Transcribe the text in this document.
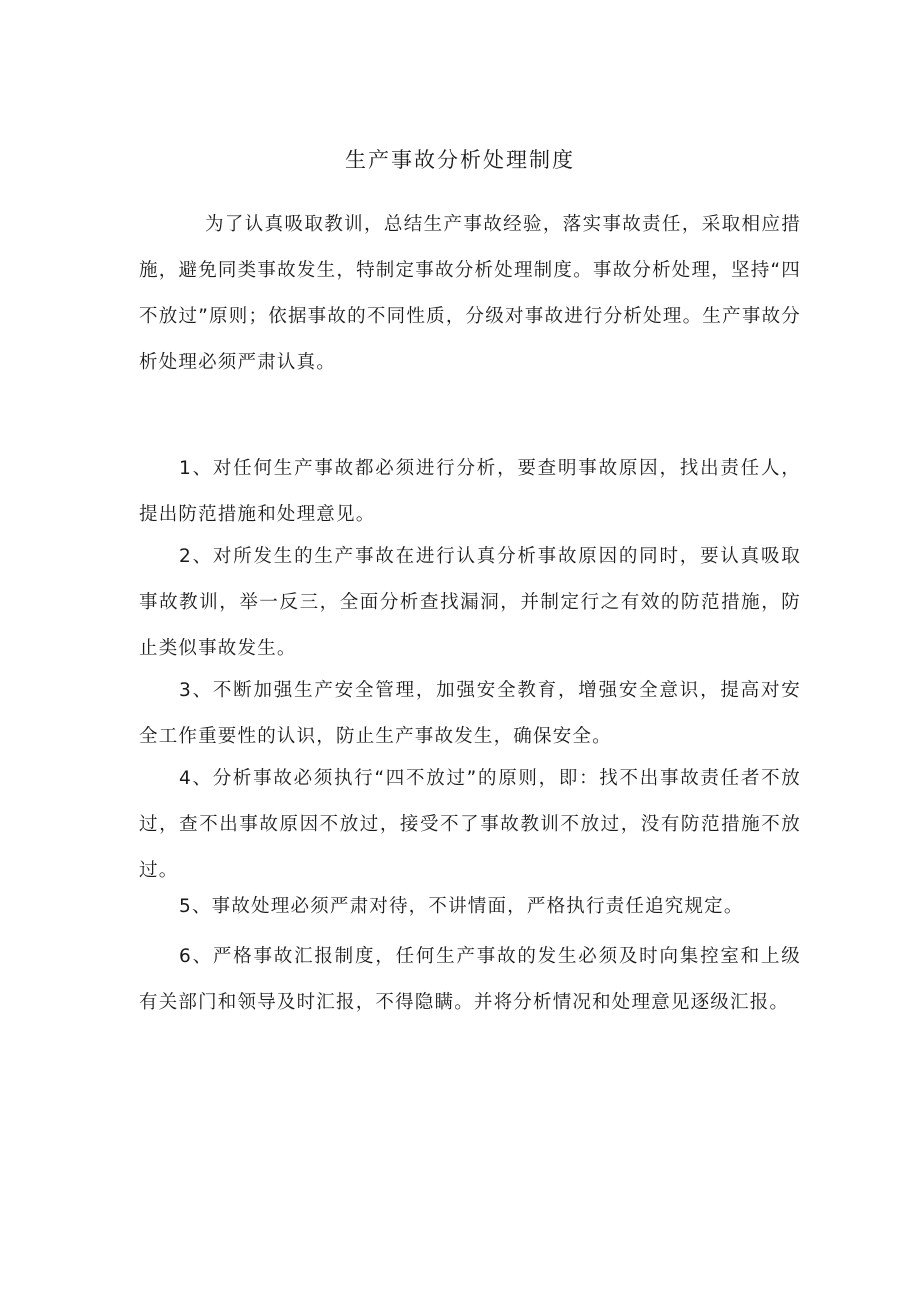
生产事故分析处理制度

为了认真吸取教训，总结生产事故经验，落实事故责任，采取相应措施，避免同类事故发生，特制定事故分析处理制度。事故分析处理，坚持“四不放过”原则；依据事故的不同性质，分级对事故进行分析处理。生产事故分析处理必须严肃认真。

1、对任何生产事故都必须进行分析，要查明事故原因，找出责任人，提出防范措施和处理意见。

2、对所发生的生产事故在进行认真分析事故原因的同时，要认真吸取事故教训，举一反三，全面分析查找漏洞，并制定行之有效的防范措施，防止类似事故发生。

3、不断加强生产安全管理，加强安全教育，增强安全意识，提高对安全工作重要性的认识，防止生产事故发生，确保安全。

4、分析事故必须执行“四不放过”的原则，即：找不出事故责任者不放过，查不出事故原因不放过，接受不了事故教训不放过，没有防范措施不放过。

5、事故处理必须严肃对待，不讲情面，严格执行责任追究规定。

6、严格事故汇报制度，任何生产事故的发生必须及时向集控室和上级有关部门和领导及时汇报，不得隐瞒。并将分析情况和处理意见逐级汇报。
